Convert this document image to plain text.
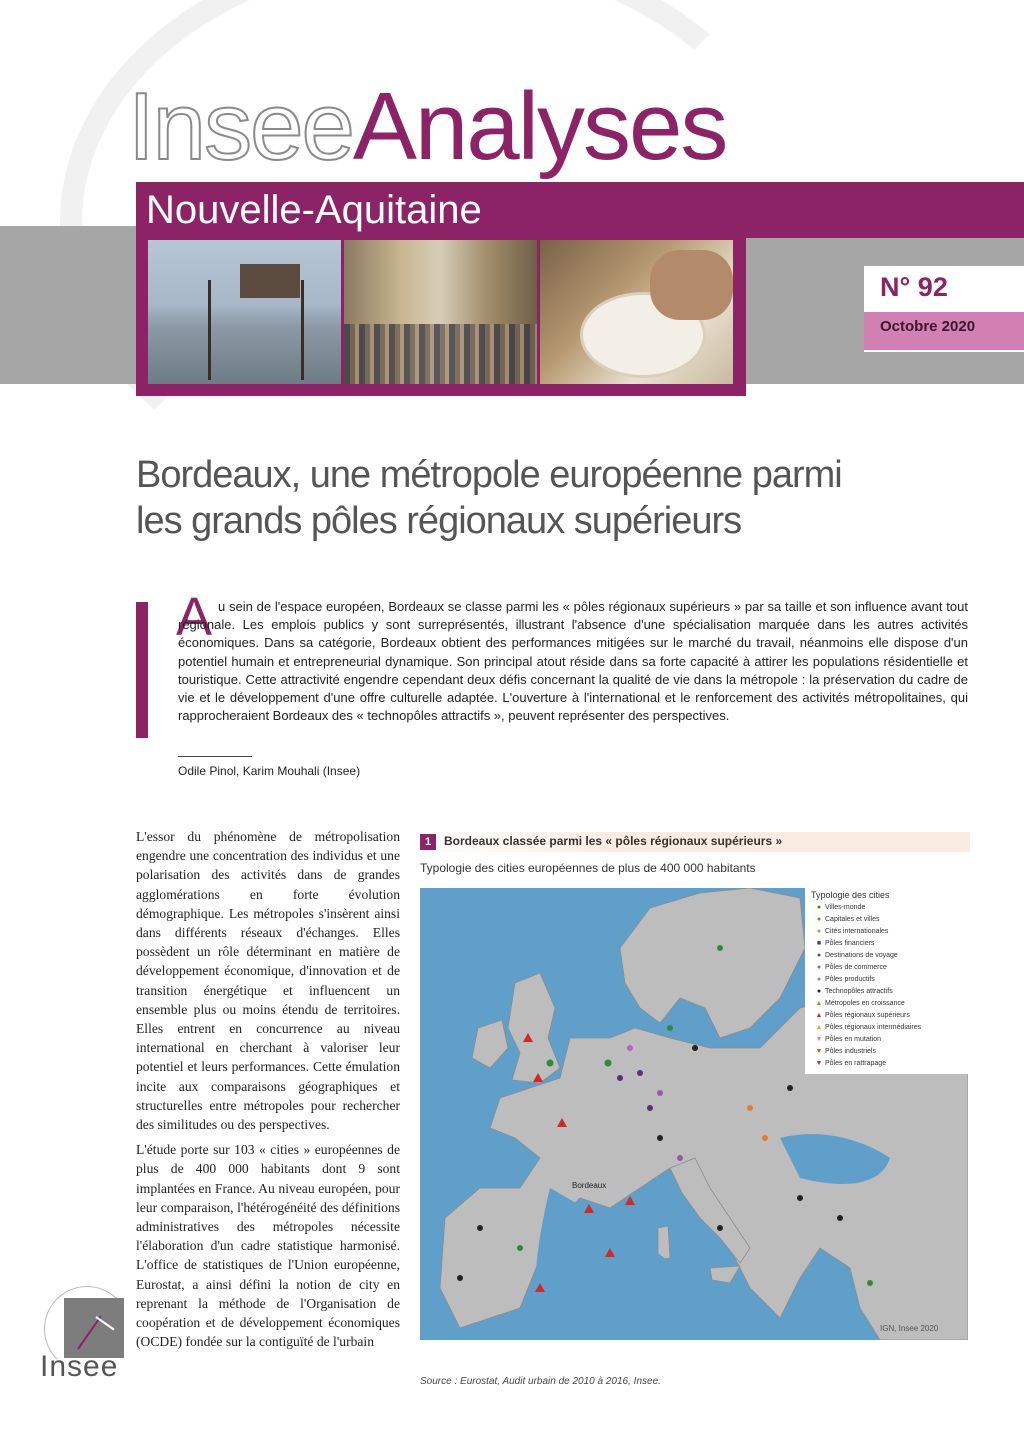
InseeAnalyses
Nouvelle-Aquitaine
N° 92
Octobre 2020
Bordeaux, une métropole européenne parmi
les grands pôles régionaux supérieurs
A u sein de l'espace européen, Bordeaux se classe parmi les « pôles régionaux supérieurs » par sa taille et son influence avant tout régionale. Les emplois publics y sont surreprésentés, illustrant l'absence d'une spécialisation marquée dans les autres activités économiques. Dans sa catégorie, Bordeaux obtient des performances mitigées sur le marché du travail, néanmoins elle dispose d'un potentiel humain et entrepreneurial dynamique. Son principal atout réside dans sa forte capacité à attirer les populations résidentielle et touristique. Cette attractivité engendre cependant deux défis concernant la qualité de vie dans la métropole : la préservation du cadre de vie et le développement d'une offre culturelle adaptée. L'ouverture à l'international et le renforcement des activités métropolitaines, qui rapprocheraient Bordeaux des « technopôles attractifs », peuvent représenter des perspectives.
Odile Pinol, Karim Mouhali (Insee)

L'essor du phénomène de métropolisation engendre une concentration des individus et une polarisation des activités dans de grandes agglomérations en forte évolution démographique. Les métropoles s'insèrent ainsi dans différents réseaux d'échanges. Elles possèdent un rôle déterminant en matière de développement économique, d'innovation et de transition énergétique et influencent un ensemble plus ou moins étendu de territoires. Elles entrent en concurrence au niveau international en cherchant à valoriser leur potentiel et leurs performances. Cette émulation incite aux comparaisons géographiques et structurelles entre métropoles pour rechercher des similitudes ou des perspectives.

L'étude porte sur 103 « cities » européennes de plus de 400 000 habitants dont 9 sont implantées en France. Au niveau européen, pour leur comparaison, l'hétérogénéité des définitions administratives des métropoles nécessite l'élaboration d'un cadre statistique harmonisé. L'office de statistiques de l'Union européenne, Eurostat, a ainsi défini la notion de city en reprenant la méthode de l'Organisation de coopération et de développement économiques (OCDE) fondée sur la contiguïté de l'urbain

1	Bordeaux classée parmi les « pôles régionaux supérieurs »
Typologie des cities européennes de plus de 400 000 habitants
Bordeaux
Typologie des cities
● Villes-monde
● Capitales et villes
● Cités internationales
■ Pôles financiers
● Destinations de voyage
● Pôles de commerce
● Pôles productifs
● Technopôles attractifs
▲ Métropoles en croissance
▲ Pôles régionaux supérieurs
▲ Pôles régionaux intermédiaires
▼ Pôles en mutation
▼ Pôles industriels
▼ Pôles en rattrapage
IGN, Insee 2020
Source : Eurostat, Audit urbain de 2010 à 2016, Insee.
Insee
